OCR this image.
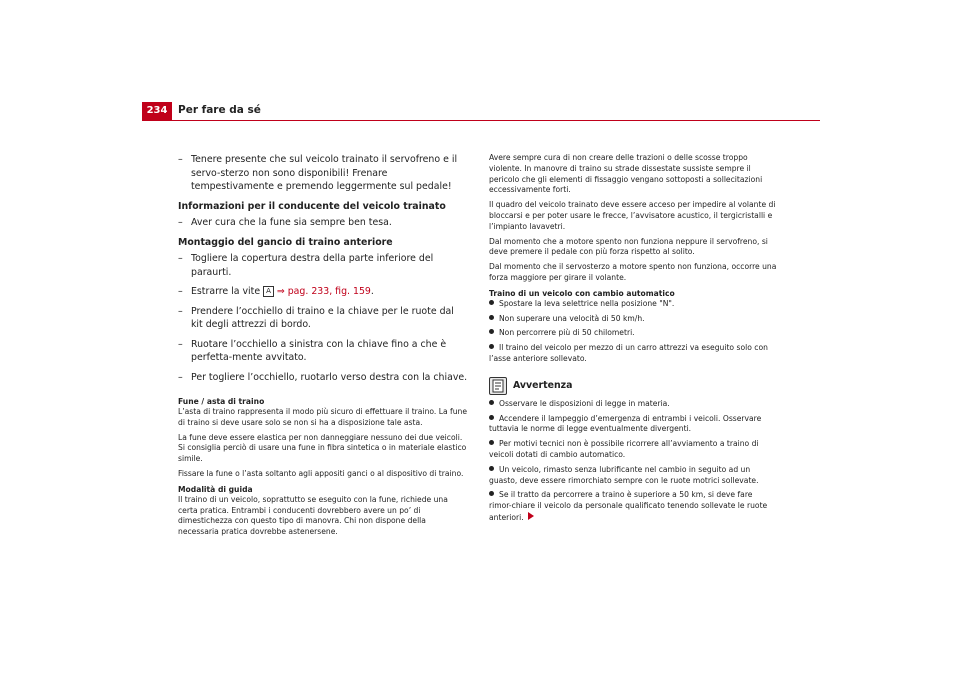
234	Per fare da sé

– Tenere presente che sul veicolo trainato il servofreno e il servo-sterzo non sono disponibili! Frenare tempestivamente e premendo leggermente sul pedale!

Informazioni per il conducente del veicolo trainato

– Aver cura che la fune sia sempre ben tesa.

Montaggio del gancio di traino anteriore

– Togliere la copertura destra della parte inferiore del paraurti.

– Estrarre la vite A ⇒ pag. 233, fig. 159.

– Prendere l’occhiello di traino e la chiave per le ruote dal kit degli attrezzi di bordo.

– Ruotare l’occhiello a sinistra con la chiave fino a che è perfetta-mente avvitato.

– Per togliere l’occhiello, ruotarlo verso destra con la chiave.

Fune / asta di traino

L’asta di traino rappresenta il modo più sicuro di effettuare il traino. La fune di traino si deve usare solo se non si ha a disposizione tale asta.

La fune deve essere elastica per non danneggiare nessuno dei due veicoli. Si consiglia perciò di usare una fune in fibra sintetica o in materiale elastico simile.

Fissare la fune o l’asta soltanto agli appositi ganci o al dispositivo di traino.

Modalità di guida

Il traino di un veicolo, soprattutto se eseguito con la fune, richiede una certa pratica. Entrambi i conducenti dovrebbero avere un po’ di dimestichezza con questo tipo di manovra. Chi non dispone della necessaria pratica dovrebbe astenersene.

Avere sempre cura di non creare delle trazioni o delle scosse troppo violente. In manovre di traino su strade dissestate sussiste sempre il pericolo che gli elementi di fissaggio vengano sottoposti a sollecitazioni eccessivamente forti.

Il quadro del veicolo trainato deve essere acceso per impedire al volante di bloccarsi e per poter usare le frecce, l’avvisatore acustico, il tergicristalli e l’impianto lavavetri.

Dal momento che a motore spento non funziona neppure il servofreno, si deve premere il pedale con più forza rispetto al solito.

Dal momento che il servosterzo a motore spento non funziona, occorre una forza maggiore per girare il volante.

Traino di un veicolo con cambio automatico

Spostare la leva selettrice nella posizione "N".

Non superare una velocità di 50 km/h.

Non percorrere più di 50 chilometri.

Il traino del veicolo per mezzo di un carro attrezzi va eseguito solo con l’asse anteriore sollevato.

Avvertenza

Osservare le disposizioni di legge in materia.

Accendere il lampeggio d’emergenza di entrambi i veicoli. Osservare tuttavia le norme di legge eventualmente divergenti.

Per motivi tecnici non è possibile ricorrere all’avviamento a traino di veicoli dotati di cambio automatico.

Un veicolo, rimasto senza lubrificante nel cambio in seguito ad un guasto, deve essere rimorchiato sempre con le ruote motrici sollevate.

Se il tratto da percorrere a traino è superiore a 50 km, si deve fare rimor-chiare il veicolo da personale qualificato tenendo sollevate le ruote anteriori.
